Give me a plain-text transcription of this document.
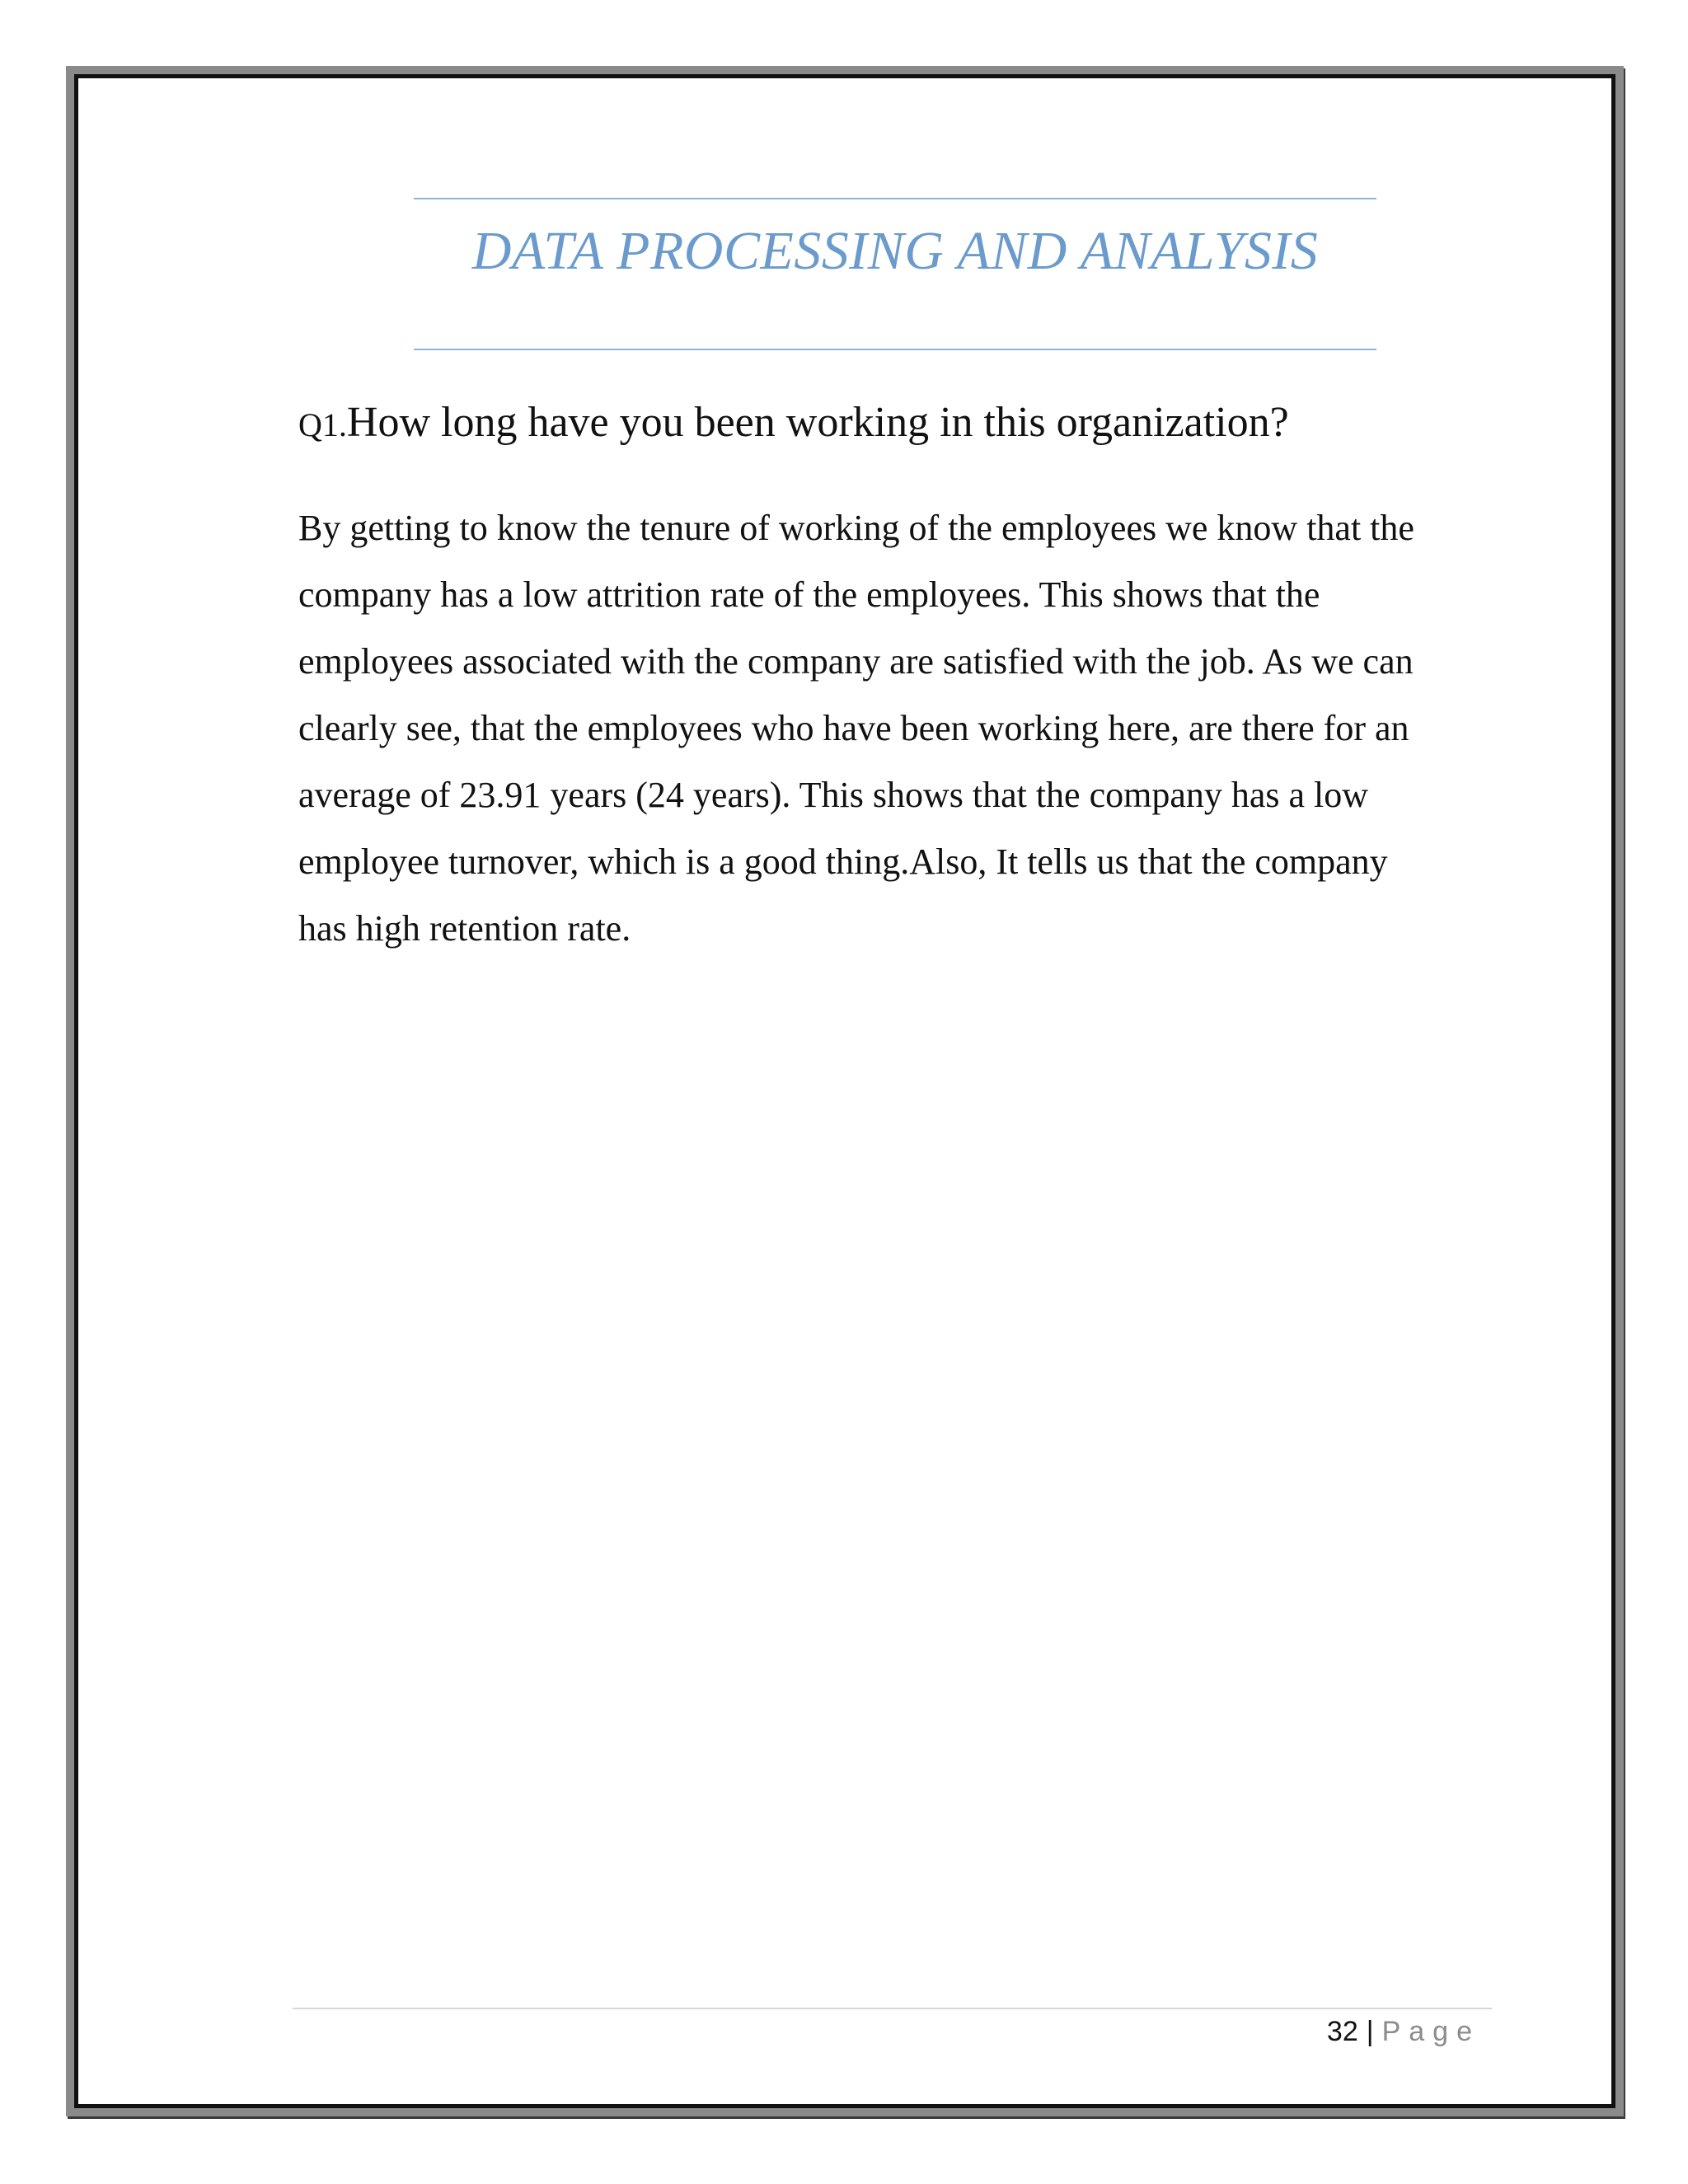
DATA PROCESSING AND ANALYSIS
Q1.How long have you been working in this organization?

By getting to know the tenure of working of the employees we know that the
company has a low attrition rate of the employees. This shows that the
employees associated with the company are satisfied with the job. As we can
clearly see, that the employees who have been working here, are there for an
average of 23.91 years (24 years). This shows that the company has a low
employee turnover, which is a good thing.Also, It tells us that the company
has high retention rate.

32 | Page
